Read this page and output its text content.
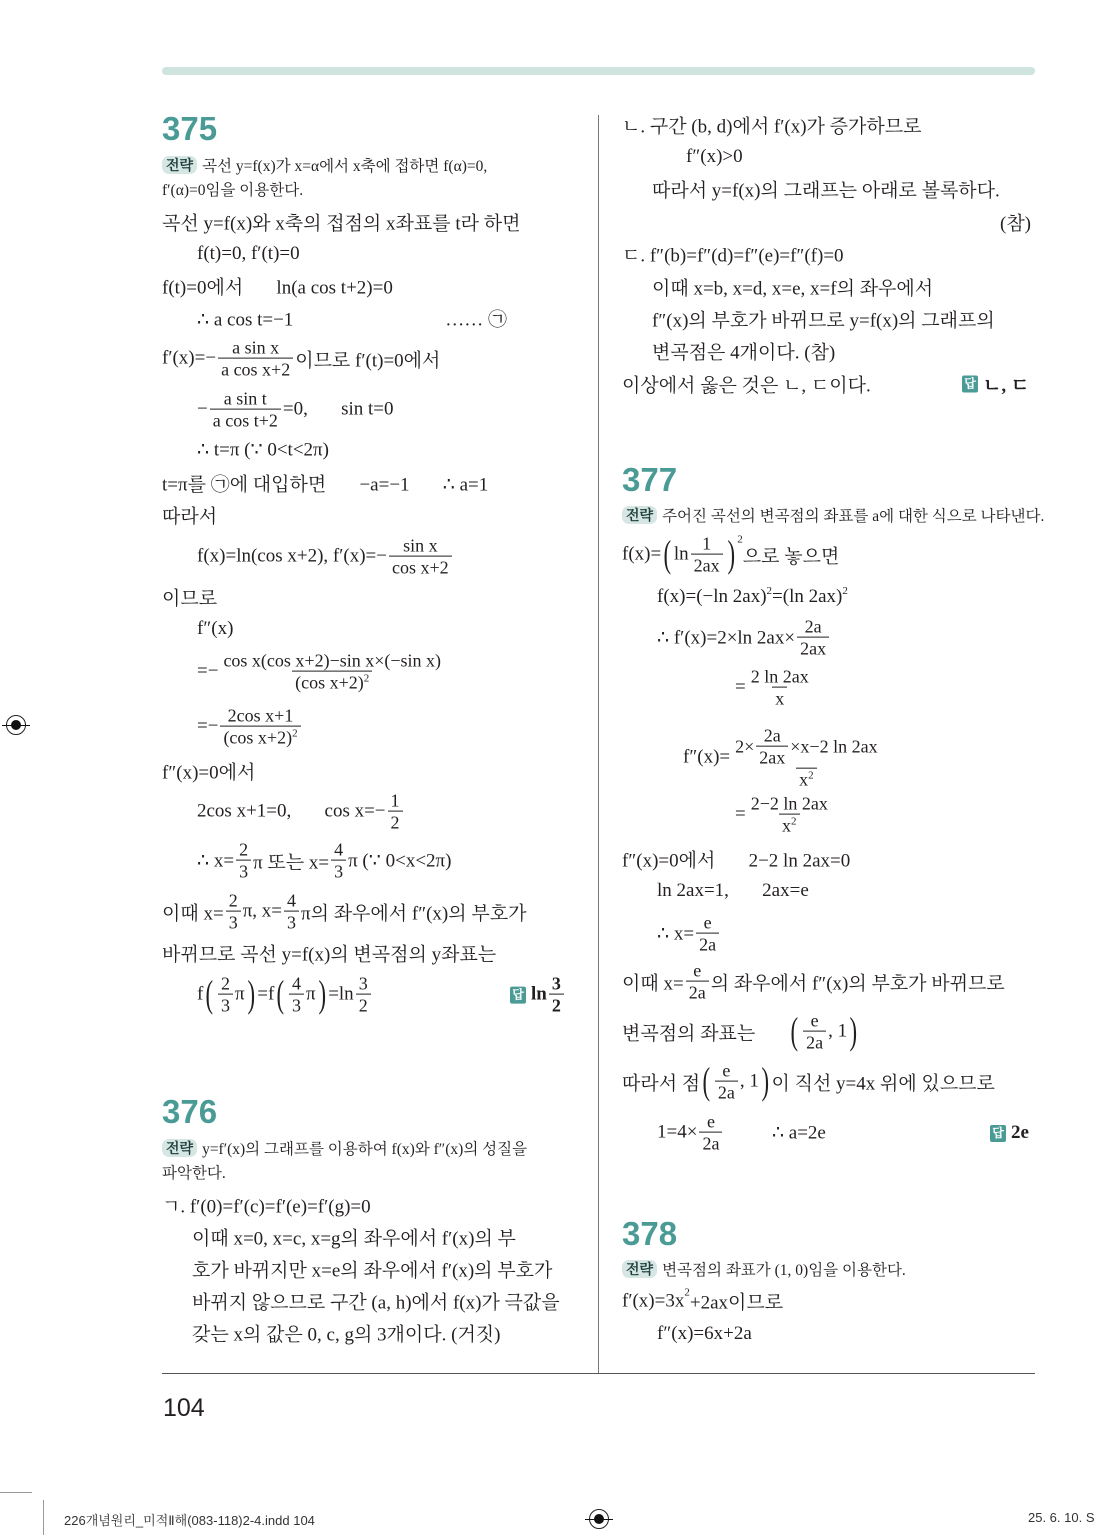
375
376
377
378
전략 곡선 y=f(x)가 x=α에서 x축에 접하면 f(α)=0,
f′(α)=0임을 이용한다.
곡선 y=f(x)와 x축의 접점의 x좌표를 t라 하면
f(t)=0, f′(t)=0
f(t)=0에서       ln(a cos t+2)=0
∴ a cos t=−1                                …… ㉠
$f'(x)=- \frac{\text{a sin x}}{\text{a cos x+2}}$ 이므로 f′(t)=0에서
− $\frac{\text{a sin t}}{\text{a cos t+2}} =0$,       sin t=0
∴ t=π (∵ 0<t<2π)
t=π를 ㉠에 대입하면       −a=−1       ∴ a=1
따라서
f(x)=ln(cos x+2), $f'(x)=- \frac{\text{sin x}}{\text{cos x+2}}$
이므로
f″(x)
=− $\frac{\text{cos x(cos x+2)−sin x×(−sin x)}}{\text{(cos x+2) 2}}$
=− $\frac{\text{2cos x+1}}{\text{(cos x+2) 2}}$
f″(x)=0에서
2cos x+1=0,       $\cos x=- \frac{1}{2}$
∴ $x= \frac{2}{3}$ π 또는 $x= \frac{4}{3}$ π (∵ 0<x<2π)
이때 $x= \frac{2}{3} \pi$, $x= \frac{4}{3}$ π의 좌우에서 f″(x)의 부호가
바뀌므로 곡선 y=f(x)의 변곡점의 y좌표는
f ( $\frac{2}{3}$ π ) =f ( $\frac{4}{3}$ π ) $=\ln \frac{3}{2}$	답 $\ln \frac{3}{2}$
전략 y=f′(x)의 그래프를 이용하여 f(x)와 f″(x)의 성질을
파악한다.
ㄱ. f′(0)=f′(c)=f′(e)=f′(g)=0
이때 x=0, x=c, x=g의 좌우에서 f′(x)의 부
호가 바뀌지만 x=e의 좌우에서 f′(x)의 부호가
바뀌지 않으므로 구간 (a, h)에서 f(x)가 극값을
갖는 x의 값은 0, c, g의 3개이다. (거짓)
ㄴ. 구간 (b, d)에서 f′(x)가 증가하므로
f″(x)>0
따라서 y=f(x)의 그래프는 아래로 볼록하다.
(참)
ㄷ. f″(b)=f″(d)=f″(e)=f″(f)=0
이때 x=b, x=d, x=e, x=f의 좌우에서
f″(x)의 부호가 바뀌므로 y=f(x)의 그래프의
변곡점은 4개이다. (참)
이상에서 옳은 것은 ㄴ, ㄷ이다.	답 ㄴ, ㄷ
전략 주어진 곡선의 변곡점의 좌표를 a에 대한 식으로 나타낸다.
f(x)= ( $\ln \frac{1}{2ax}$ ) 2
으로 놓으면
f(x)=(−ln 2ax) 2 =(ln 2ax) 2
∴ f′(x)=2×ln $2ax\times \frac{2a}{2ax}$
= $\frac{2 \ln 2ax}{x}$
$f''(x)= \frac{2\times \frac{2a}{2ax} \times x-2 \ln 2ax}{x 2}$
= $\frac{2-2 \ln 2ax}{x 2}$
f″(x)=0에서       2−2 ln 2ax=0
ln 2ax=1,       2ax=e
∴ $x= \frac{e}{2a}$
이때 $x= \frac{e}{2a}$ 의 좌우에서 f″(x)의 부호가 바뀌므로
변곡점의 좌표는 ( $\frac{e}{2a}$ , 1 )
따라서 점 ( $\frac{e}{2a}$ , 1 ) 이 직선 y=4x 위에 있으므로
$1=4\times \frac{e}{2a}$ ∴ a=2e	답 2e
전략 변곡점의 좌표가 (1, 0)임을 이용한다.
f′(x)=3x 2 +2ax이므로
f″(x)=6x+2a
104
226개념원리_미적Ⅱ해(083-118)2-4.indd 104	25. 6. 10. S
